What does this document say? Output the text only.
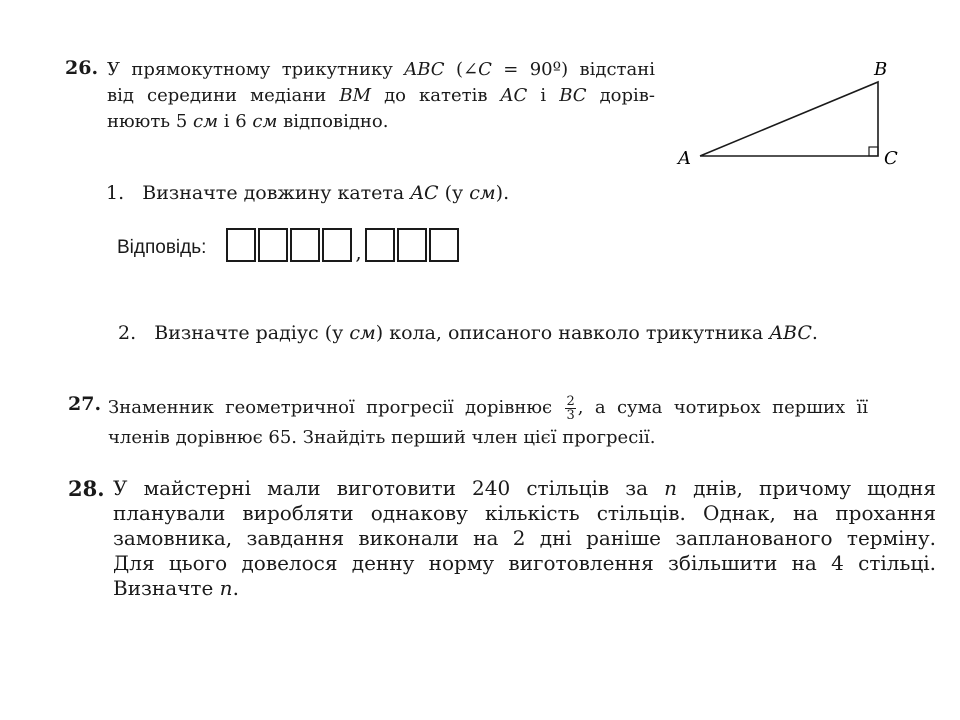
26. У прямокутному трикутнику ABC (∠C = 90º) відстані
від середини медіани BM до катетів AC і BC дорів-
нюють 5 см і 6 см відповідно.
A
B
C
1. Визначте довжину катета AC (у см).
Відповідь:	,
2. Визначте радіус (у см) кола, описаного навколо трикутника ABC.
27. Знаменник геометричної прогресії дорівнює $\frac{2}{3}$ , а сума чотирьох перших її
членів дорівнює 65. Знайдіть перший член цієї прогресії.
28. У майстерні мали виготовити 240 стільців за n днів, причому щодня
планували виробляти однакову кількість стільців. Однак, на прохання
замовника, завдання виконали на 2 дні раніше запланованого терміну.
Для цього довелося денну норму виготовлення збільшити на 4 стільці.
Визначте n.
